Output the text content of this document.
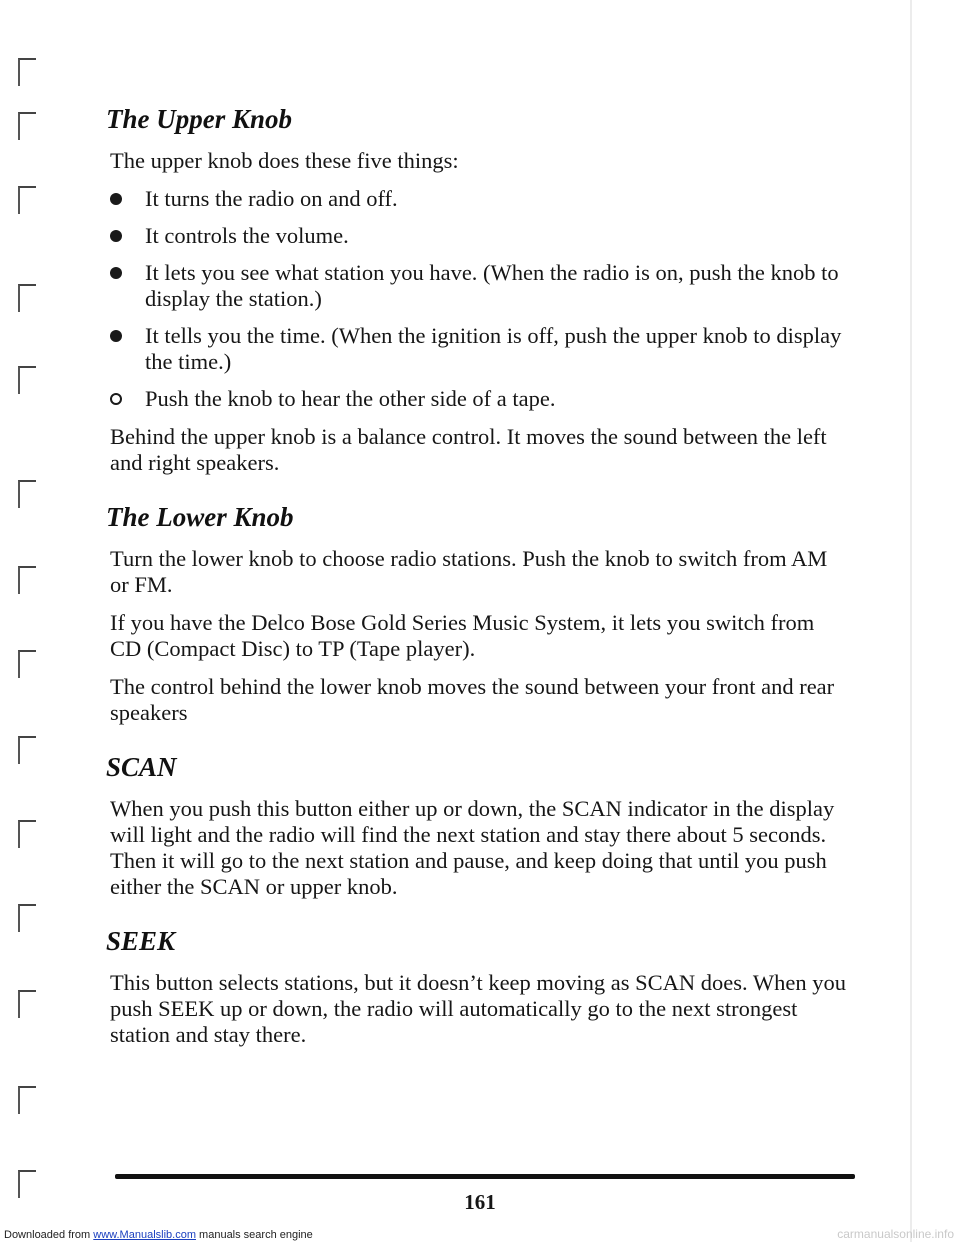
The Upper Knob

The upper knob does these five things:

It turns the radio on and off.
It controls the volume.
It lets you see what station you have. (When the radio is on, push the knob to display the station.)
It tells you the time. (When the ignition is off, push the upper knob to display the time.)
Push the knob to hear the other side of a tape.

Behind the upper knob is a balance control. It moves the sound between the left and right speakers.

The Lower Knob

Turn the lower knob to choose radio stations. Push the knob to switch from AM or FM.

If you have the Delco Bose Gold Series Music System, it lets you switch from CD (Compact Disc) to TP (Tape player).

The control behind the lower knob moves the sound between your front and rear speakers

SCAN

When you push this button either up or down, the SCAN indicator in the display will light and the radio will find the next station and stay there about 5 seconds. Then it will go to the next station and pause, and keep doing that until you push either the SCAN or upper knob.

SEEK

This button selects stations, but it doesn’t keep moving as SCAN does. When you push SEEK up or down, the radio will automatically go to the next strongest station and stay there.

161
Downloaded from www.Manualslib.com manuals search engine	carmanualsonline.info
